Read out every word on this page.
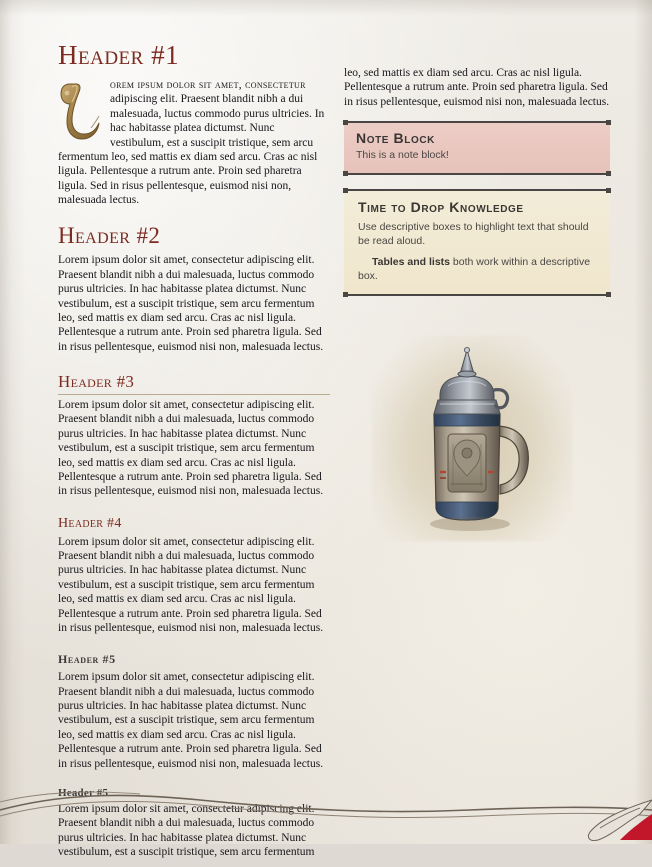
Header #1

orem ipsum dolor sit amet, consectetur adipiscing elit. Praesent blandit nibh a dui malesuada, luctus commodo purus ultricies. In hac habitasse platea dictumst. Nunc vestibulum, est a suscipit tristique, sem arcu fermentum leo, sed mattis ex diam sed arcu. Cras ac nisl ligula. Pellentesque a rutrum ante. Proin sed pharetra ligula. Sed in risus pellentesque, euismod nisi non, malesuada lectus.

Header #2

Lorem ipsum dolor sit amet, consectetur adipiscing elit. Praesent blandit nibh a dui malesuada, luctus commodo purus ultricies. In hac habitasse platea dictumst. Nunc vestibulum, est a suscipit tristique, sem arcu fermentum leo, sed mattis ex diam sed arcu. Cras ac nisl ligula. Pellentesque a rutrum ante. Proin sed pharetra ligula. Sed in risus pellentesque, euismod nisi non, malesuada lectus.

Header #3

Lorem ipsum dolor sit amet, consectetur adipiscing elit. Praesent blandit nibh a dui malesuada, luctus commodo purus ultricies. In hac habitasse platea dictumst. Nunc vestibulum, est a suscipit tristique, sem arcu fermentum leo, sed mattis ex diam sed arcu. Cras ac nisl ligula. Pellentesque a rutrum ante. Proin sed pharetra ligula. Sed in risus pellentesque, euismod nisi non, malesuada lectus.

Header #4

Lorem ipsum dolor sit amet, consectetur adipiscing elit. Praesent blandit nibh a dui malesuada, luctus commodo purus ultricies. In hac habitasse platea dictumst. Nunc vestibulum, est a suscipit tristique, sem arcu fermentum leo, sed mattis ex diam sed arcu. Cras ac nisl ligula. Pellentesque a rutrum ante. Proin sed pharetra ligula. Sed in risus pellentesque, euismod nisi non, malesuada lectus.

Header #5

Lorem ipsum dolor sit amet, consectetur adipiscing elit. Praesent blandit nibh a dui malesuada, luctus commodo purus ultricies. In hac habitasse platea dictumst. Nunc vestibulum, est a suscipit tristique, sem arcu fermentum leo, sed mattis ex diam sed arcu. Cras ac nisl ligula. Pellentesque a rutrum ante. Proin sed pharetra ligula. Sed in risus pellentesque, euismod nisi non, malesuada lectus.

Header #5

Lorem ipsum dolor sit amet, consectetur adipiscing elit. Praesent blandit nibh a dui malesuada, luctus commodo purus ultricies. In hac habitasse platea dictumst. Nunc vestibulum, est a suscipit tristique, sem arcu fermentum

leo, sed mattis ex diam sed arcu. Cras ac nisl ligula. Pellentesque a rutrum ante. Proin sed pharetra ligula. Sed in risus pellentesque, euismod nisi non, malesuada lectus.

Note Block
This is a note block!
Time to Drop Knowledge

Use descriptive boxes to highlight text that should be read aloud.

Tables and lists both work within a descriptive box.
